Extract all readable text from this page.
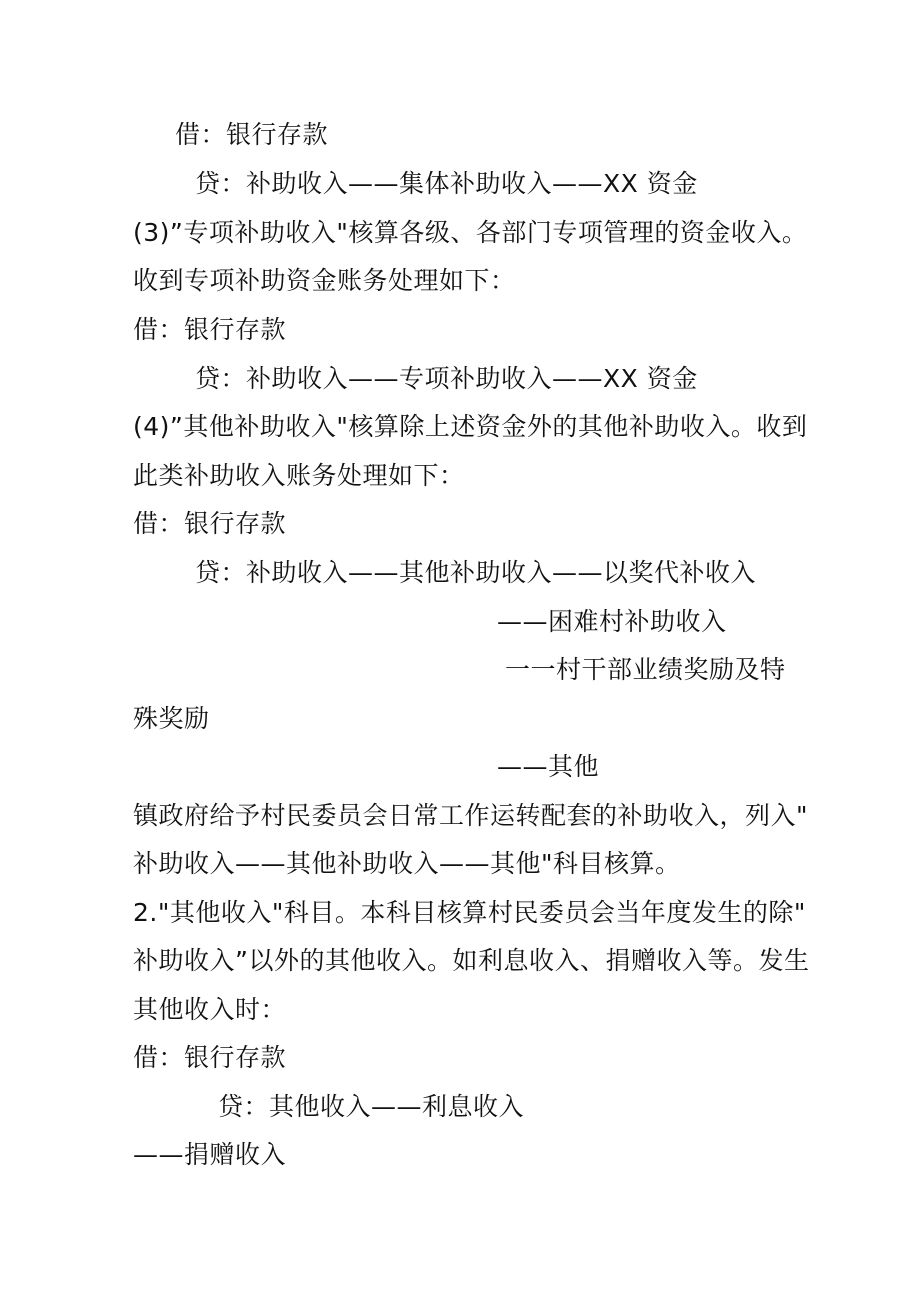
借：银行存款
贷：补助收入——集体补助收入——XX 资金
(3)”专项补助收入"核算各级、各部门专项管理的资金收入。
收到专项补助资金账务处理如下：
借：银行存款
贷：补助收入——专项补助收入——XX 资金
(4)”其他补助收入"核算除上述资金外的其他补助收入。收到
此类补助收入账务处理如下：
借：银行存款
贷：补助收入——其他补助收入——以奖代补收入
——困难村补助收入
一一村干部业绩奖励及特
殊奖励
——其他
镇政府给予村民委员会日常工作运转配套的补助收入，列入"
补助收入——其他补助收入——其他"科目核算。
2."其他收入"科目。本科目核算村民委员会当年度发生的除"
补助收入”以外的其他收入。如利息收入、捐赠收入等。发生
其他收入时：
借：银行存款
贷：其他收入——利息收入
——捐赠收入
